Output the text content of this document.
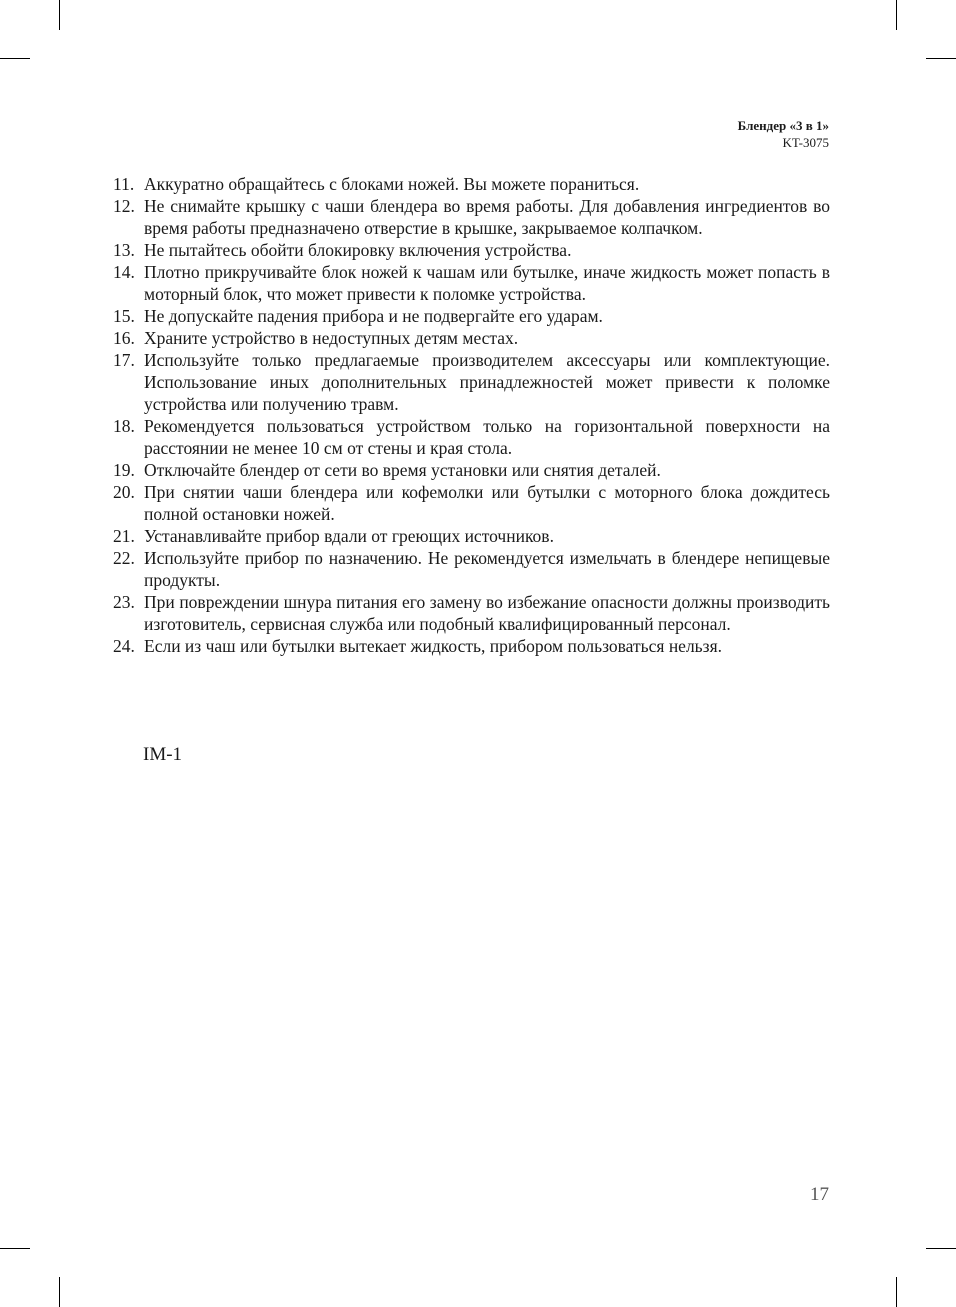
Блендер «3 в 1»
KT-3075
11. Аккуратно обращайтесь с блоками ножей. Вы можете пораниться.
12. Не снимайте крышку с чаши блендера во время работы. Для добавления ингредиентов во время работы предназначено отверстие в крышке, закрываемое колпачком.
13. Не пытайтесь обойти блокировку включения устройства.
14. Плотно прикручивайте блок ножей к чашам или бутылке, иначе жидкость может попасть в моторный блок, что может привести к поломке устройства.
15. Не допускайте падения прибора и не подвергайте его ударам.
16. Храните устройство в недоступных детям местах.
17. Используйте только предлагаемые производителем аксессуары или комплектующие. Использование иных дополнительных принадлежностей может привести к поломке устройства или получению травм.
18. Рекомендуется пользоваться устройством только на горизонтальной поверхности на расстоянии не менее 10 см от стены и края стола.
19. Отключайте блендер от сети во время установки или снятия деталей.
20. При снятии чаши блендера или кофемолки или бутылки с моторного блока дождитесь полной остановки ножей.
21. Устанавливайте прибор вдали от греющих источников.
22. Используйте прибор по назначению. Не рекомендуется измельчать в блендере непищевые продукты.
23. При повреждении шнура питания его замену во избежание опасности должны производить изготовитель, сервисная служба или подобный квалифицированный персонал.
24. Если из чаш или бутылки вытекает жидкость, прибором пользоваться нельзя.
IM-1
17
